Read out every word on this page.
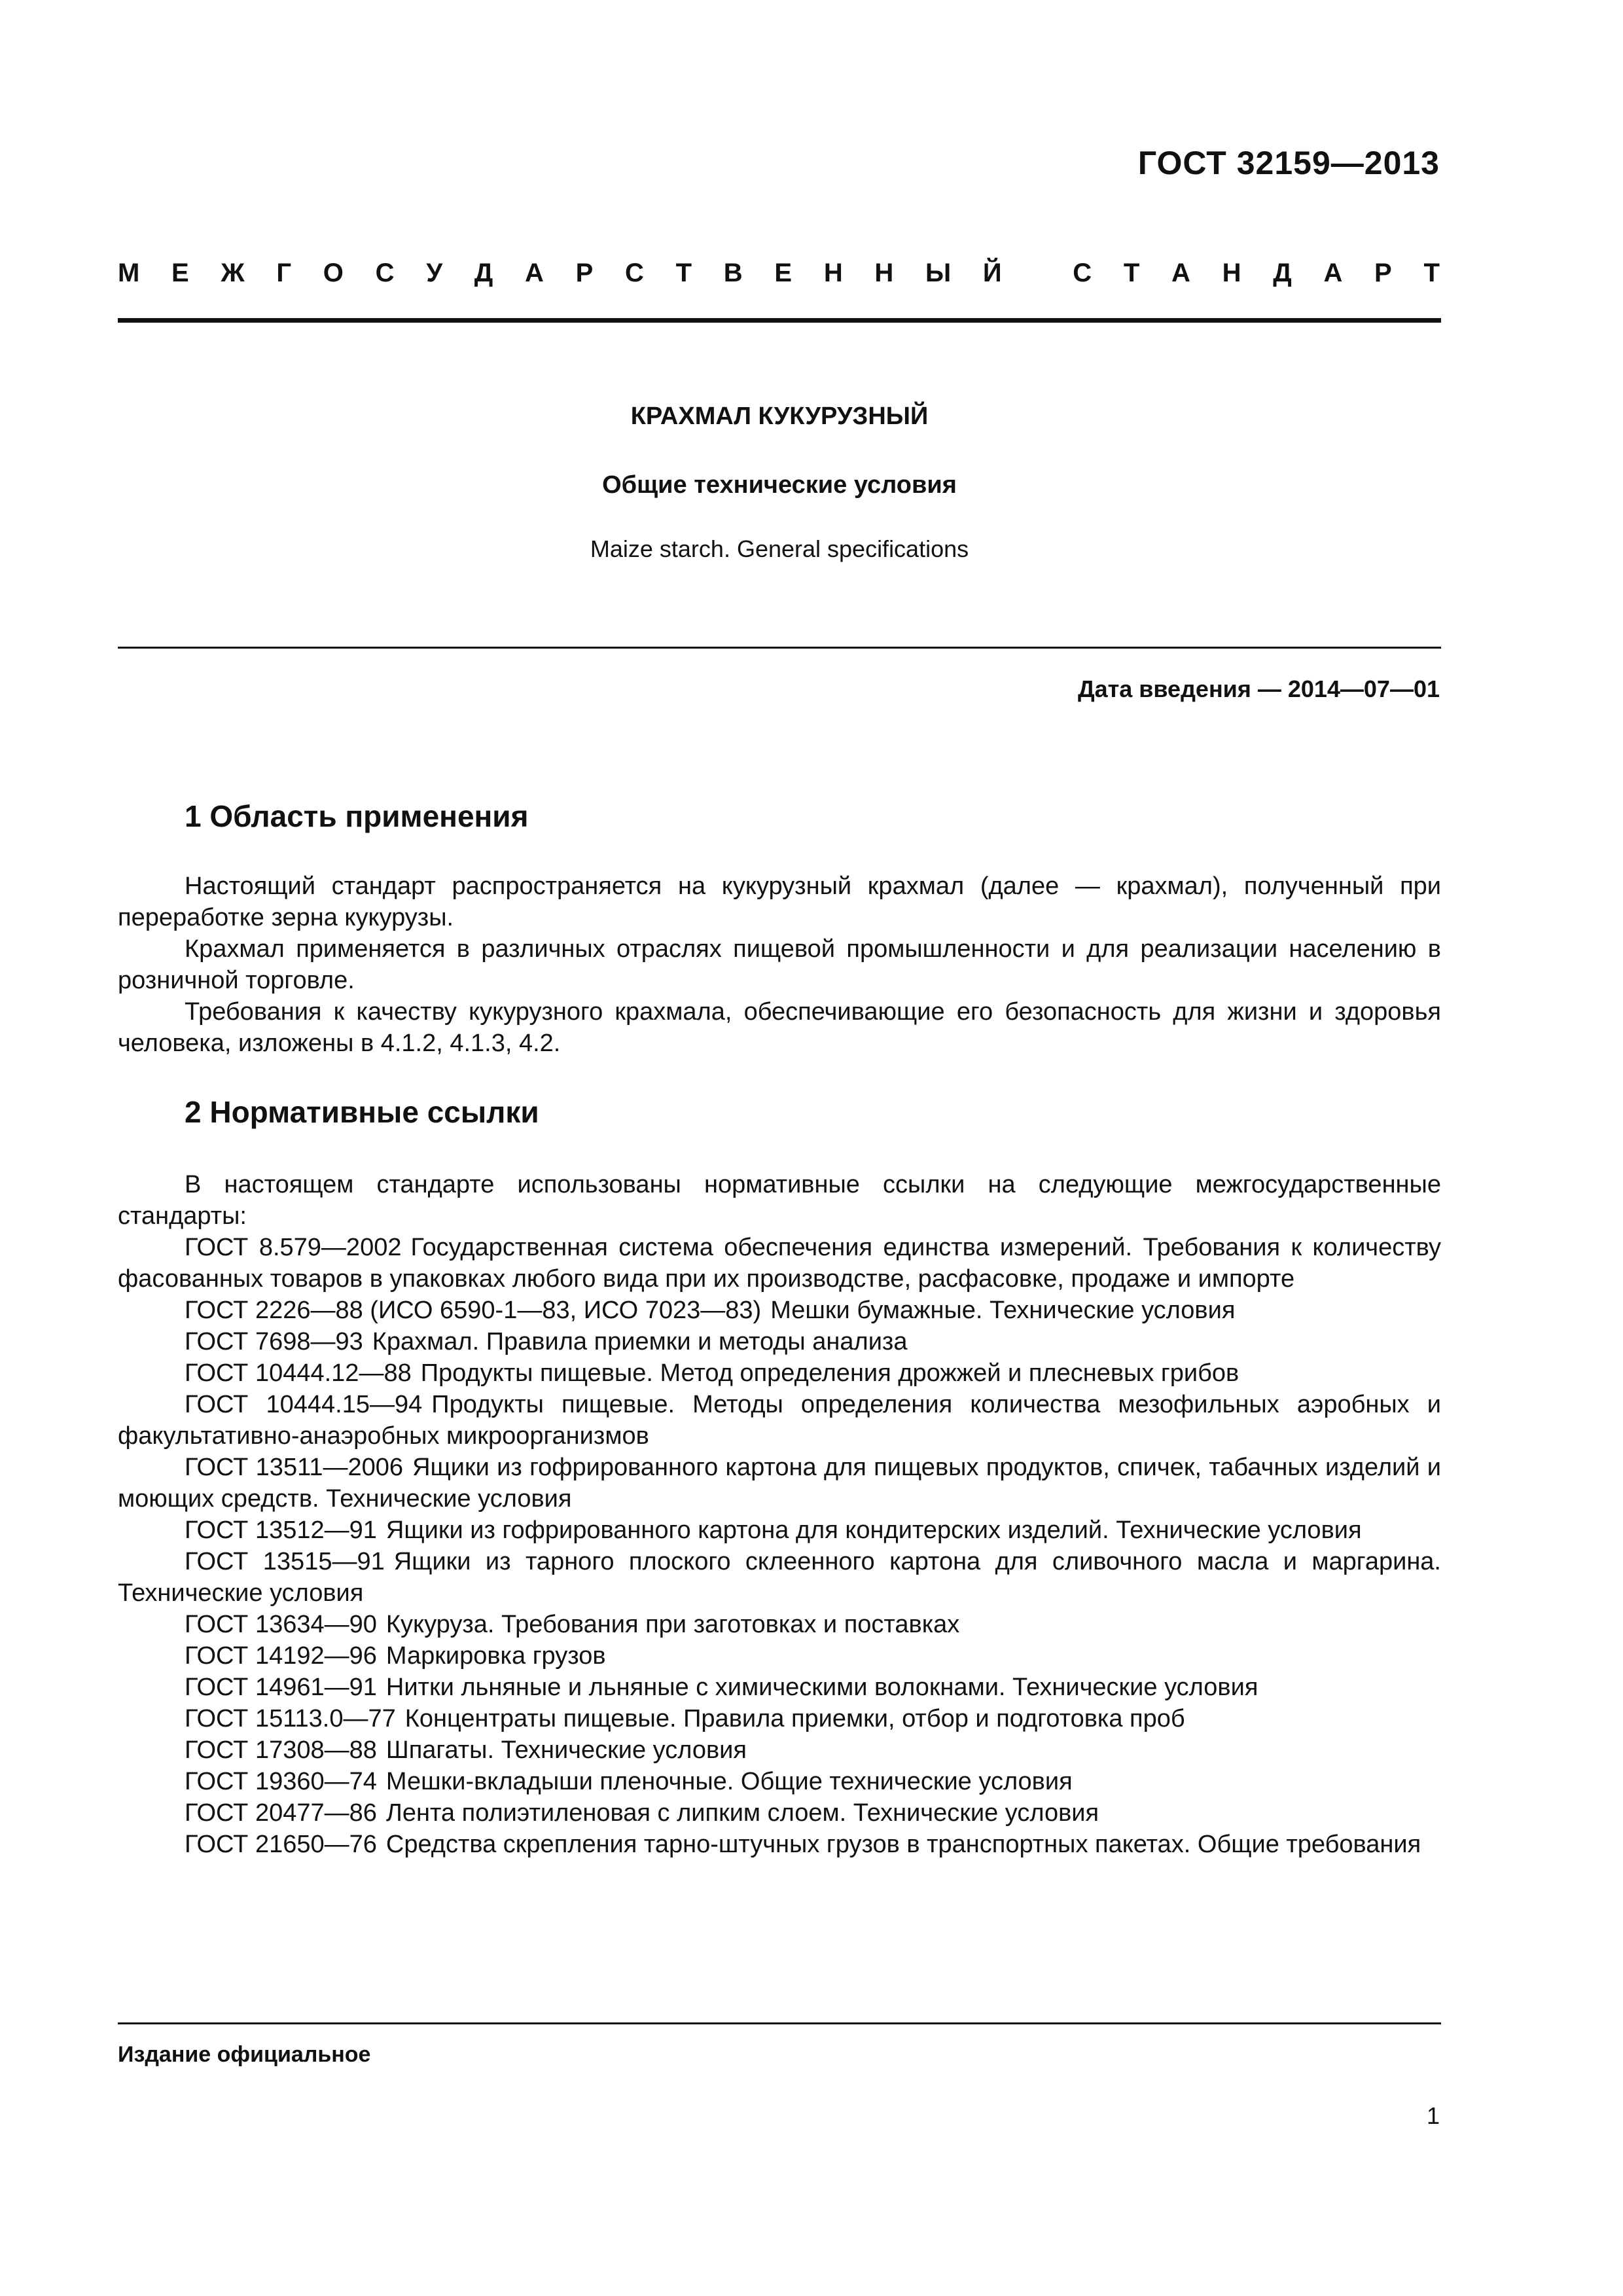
ГОСТ 32159—2013
М Е Ж Г О С У Д А Р С Т В Е Н Н Ы Й
	С Т А Н Д А Р Т
КРАХМАЛ КУКУРУЗНЫЙ
Общие технические условия
Maize starch. General specifications
Дата введения — 2014—07—01
1 Область применения

Настоящий стандарт распространяется на кукурузный крахмал (далее — крахмал), полученный при переработке зерна кукурузы.

Крахмал применяется в различных отраслях пищевой промышленности и для реализации населению в розничной торговле.

Требования к качеству кукурузного крахмала, обеспечивающие его безопасность для жизни и здоровья человека, изложены в 4.1.2, 4.1.3, 4.2.

2 Нормативные ссылки

В настоящем стандарте использованы нормативные ссылки на следующие межгосударственные стандарты:

ГОСТ 8.579—2002 Государственная система обеспечения единства измерений. Требования к количеству фасованных товаров в упаковках любого вида при их производстве, расфасовке, продаже и импорте

ГОСТ 2226—88 (ИСО 6590-1—83, ИСО 7023—83) Мешки бумажные. Технические условия

ГОСТ 7698—93 Крахмал. Правила приемки и методы анализа

ГОСТ 10444.12—88 Продукты пищевые. Метод определения дрожжей и плесневых грибов

ГОСТ 10444.15—94 Продукты пищевые. Методы определения количества мезофильных аэробных и факультативно-анаэробных микроорганизмов

ГОСТ 13511—2006 Ящики из гофрированного картона для пищевых продуктов, спичек, табачных изделий и моющих средств. Технические условия

ГОСТ 13512—91 Ящики из гофрированного картона для кондитерских изделий. Технические условия

ГОСТ 13515—91 Ящики из тарного плоского склеенного картона для сливочного масла и маргарина. Технические условия

ГОСТ 13634—90 Кукуруза. Требования при заготовках и поставках

ГОСТ 14192—96 Маркировка грузов

ГОСТ 14961—91 Нитки льняные и льняные с химическими волокнами. Технические условия

ГОСТ 15113.0—77 Концентраты пищевые. Правила приемки, отбор и подготовка проб

ГОСТ 17308—88 Шпагаты. Технические условия

ГОСТ 19360—74 Мешки-вкладыши пленочные. Общие технические условия

ГОСТ 20477—86 Лента полиэтиленовая с липким слоем. Технические условия

ГОСТ 21650—76 Средства скрепления тарно-штучных грузов в транспортных пакетах. Общие требования

Издание официальное
1
